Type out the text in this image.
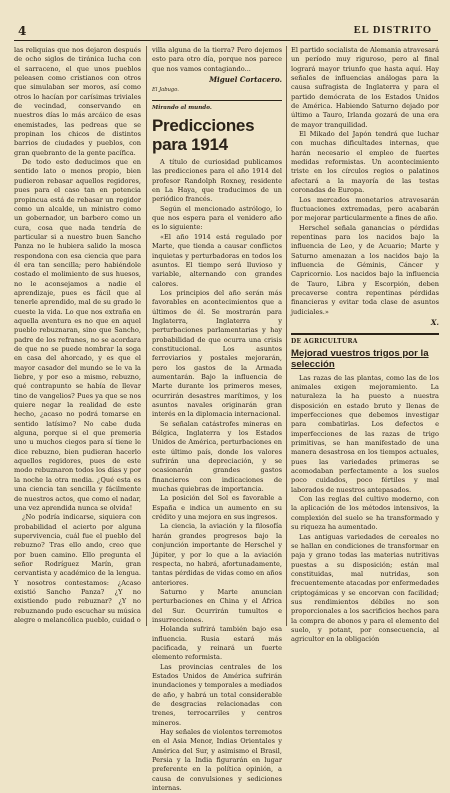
4	EL DISTRITO

las reliquias que nos dejaron después de ocho siglos de tiránica lucha con el sarraceno, el que unos pueblos peleasen como cristianos con otros que simulaban ser moros, así como otros lo hacían por carísimas triviales de vecindad, conservando en nuestros días lo más arcáico de esas enemistades, las pedreas que se propinan los chicos de distintos barrios de ciudades y pueblos, con gran quebranto de la gente pacífica.

De todo esto deducimos que en sentido lato o menos propio, bien pudieron rebasar aquellos regidores, pues para el caso tan en potencia propincua está de rebasar un regidor como un alcalde, un ministro como un gobernador, un barbero como un cura, cosa que nada tendría de particular si a nuestro buen Sancho Panza no le hubiera salido la mosca respondona con esa ciencia que para él era tan sencilla; pero habiéndole costado el molimiento de sus huesos, no le aconsejamos a nadie el aprendizaje, pues es fácil que al tenerle aprendido, mal de su grado le cueste la vida. Lo que nos extraña en aquella aventura es no que en aquel pueblo rebuznaran, sino que Sancho, padre de los refranes, no se acordara de que no se puede nombrar la soga en casa del ahorcado, y es que el mayor casador del mundo se le va la liebre, y por eso a mismo, rebuzno, qué contrapunto se había de llevar tino de vangelios? Pues ya que se nos quiere negar la realidad de este hecho, ¿acaso no podrá tomarse en sentido latísimo? No cabe duda alguna, porque si el que premeria uno u muchos ciegos para sí tiene le dice rebuzno, bien pudieran hacerlo aquellos regidores, pues de este modo rebuznaron todos los días y por la noche la otra media. ¿Qué esta es una ciencia tan sencilla y fácilmente de nuestros actos, que como el nadar, una vez aprendida nunca se olvida!

¿No podría indicarse, siquiera con probabilidad el acierto por alguna supervivencia, cuál fue el pueblo del rebuzno? Tras ello ando, creo que por buen camino. Ello pregunta el señor Rodríguez Marín, gran cervantista y académico de la lengua. Y nosotros contestamos: ¿Acaso existió Sancho Panza? ¿Y no existiendo pudo rebuznar? ¿Y no rebuznando pudo escuchar su música alegre o melancólica pueblo, cuidad o

villa alguna de la tierra? Pero dejemos esto para otro día, porque nos parece que nos vamos contagiando...

Miguel Cortacero.
El Jabugo.
Mirando al mundo.
Predicciones para 1914

A título de curiosidad publicamos las predicciones para el año 1914 del profesor Randolph Roxney, residente en La Haya, que traducimos de un periódico francés.

Según el mencionado astrólogo, lo que nos espera para el venidero año es lo siguiente:

«El año 1914 está regulado por Marte, que tienda a causar conflictos inquietas y perturbadoras en todos los asuntos. El tiempo será lluvioso y variable, alternando con grandes calores.

Los principios del año serán más favorables en acontecimientos que a últimos de él. Se mostrarán para Inglaterra, Inglaterra y perturbaciones parlamentarias y hay probabilidad de que ocurra una crisis constitucional. Los asuntos ferroviarios y postales mejorarán, pero los gastos de la Armada aumentarán. Bajo la influencia de Marte durante los primeros meses, ocurrirán desastres marítimos, y los asuntos navales originarán gran interés en la diplomacia internacional.

Se señalan catástrofes mineras en Bélgica, Inglaterra y los Estados Unidos de América, perturbaciones en este último país, donde los valores sufrirán una depreciación, y se ocasionarán grandes gastos financieros con indicaciones de muchas quiebras de importancia.

La posición del Sol es favorable a España e indica un aumento en su crédito y una mejora en sus ingresos.

La ciencia, la aviación y la filosofía harán grandes progresos bajo la conjunción importante de Herschel y Júpiter, y por lo que a la aviación respecta, no habrá, afortunadamente, tantas pérdidas de vidas como en años anteriores.

Saturno y Marte anuncian perturbaciones en China y el África del Sur. Ocurrirán tumultos e insurrecciones.

Holanda sufrirá también bajo esa influencia. Rusia estará más pacificada, y reinará un fuerte elemento reformista.

Las provincias centrales de los Estados Unidos de América sufrirán inundaciones y temporales a mediados de año, y habrá un total considerable de desgracias relacionadas con trenes, terrocarriles y centros mineros.

Hay señales de violentos terremotos en el Asia Menor, Indias Orientales y América del Sur, y asimismo el Brasil, Persia y la India figurarán en lugar preferente en la política opinión, a causa de convulsiones y sediciones internas.

El partido socialista de Alemania atravesará un período muy riguroso, pero al final logrará mayor triunfo que hasta aquí. Hay señales de influencias análogas para la causa sufragista de Inglaterra y para el partido demócrata de los Estados Unidos de América. Habiendo Saturno dejado por último a Tauro, Irlanda gozará de una era de mayor tranquilidad.

El Mikado del Japón tendrá que luchar con muchas dificultades internas, que harán necesario el empleo de fuertes medidas reformistas. Un acontecimiento triste en los círculos regios o palatinos afectará a la mayoría de las testas coronadas de Europa.

Los mercados monetarios atravesarán fluctuaciones extremadas, pero acabarán por mejorar particularmente a fines de año.

Herschel señala ganancias o pérdidas repentinas para los nacidos bajo la influencia de Leo, y de Acuario; Marte y Saturno amenazan a los nacidos bajo la influencia de Géminis, Cáncer y Capricornio. Los nacidos bajo la influencia de Tauro, Libra y Escorpión, deben precaverse contra repentinas pérdidas financieras y evitar toda clase de asuntos judiciales.»

X.
DE AGRICULTURA
Mejorad vuestros trigos por la selección

Las razas de las plantas, como las de los animales exigen mejoramiento. La naturaleza la ha puesto a nuestra disposición en estado bruto y llenas de imperfecciones que debemos investigar para combatirlas. Los defectos e imperfecciones de las razas de trigo primitivas, se han manifestado de una manera desastrosa en los tiempos actuales, pues las variedades primeras se acomodaban perfectamente a los suelos poco cuidados, poco fértiles y mal laborados de nuestros antepasados.

Con las reglas del cultivo moderno, con la aplicación de los métodos intensivos, la complexión del suelo se ha transformado y su riqueza ha aumentado.

Las antiguas variedades de cereales no se hallan en condiciones de transformar en paja y grano todas las materias nutritivas puestas a su disposición; están mal constituidas, mal nutridas, son frecuentemente atacadas por enfermedades criptogámicas y se encorvan con facilidad; sus rendimientos débiles no son proporcionales a los sacrificios hechos para la compra de abonos y para el elemento del suelo, y potant, por consecuencia, al agricultor en la obligación
